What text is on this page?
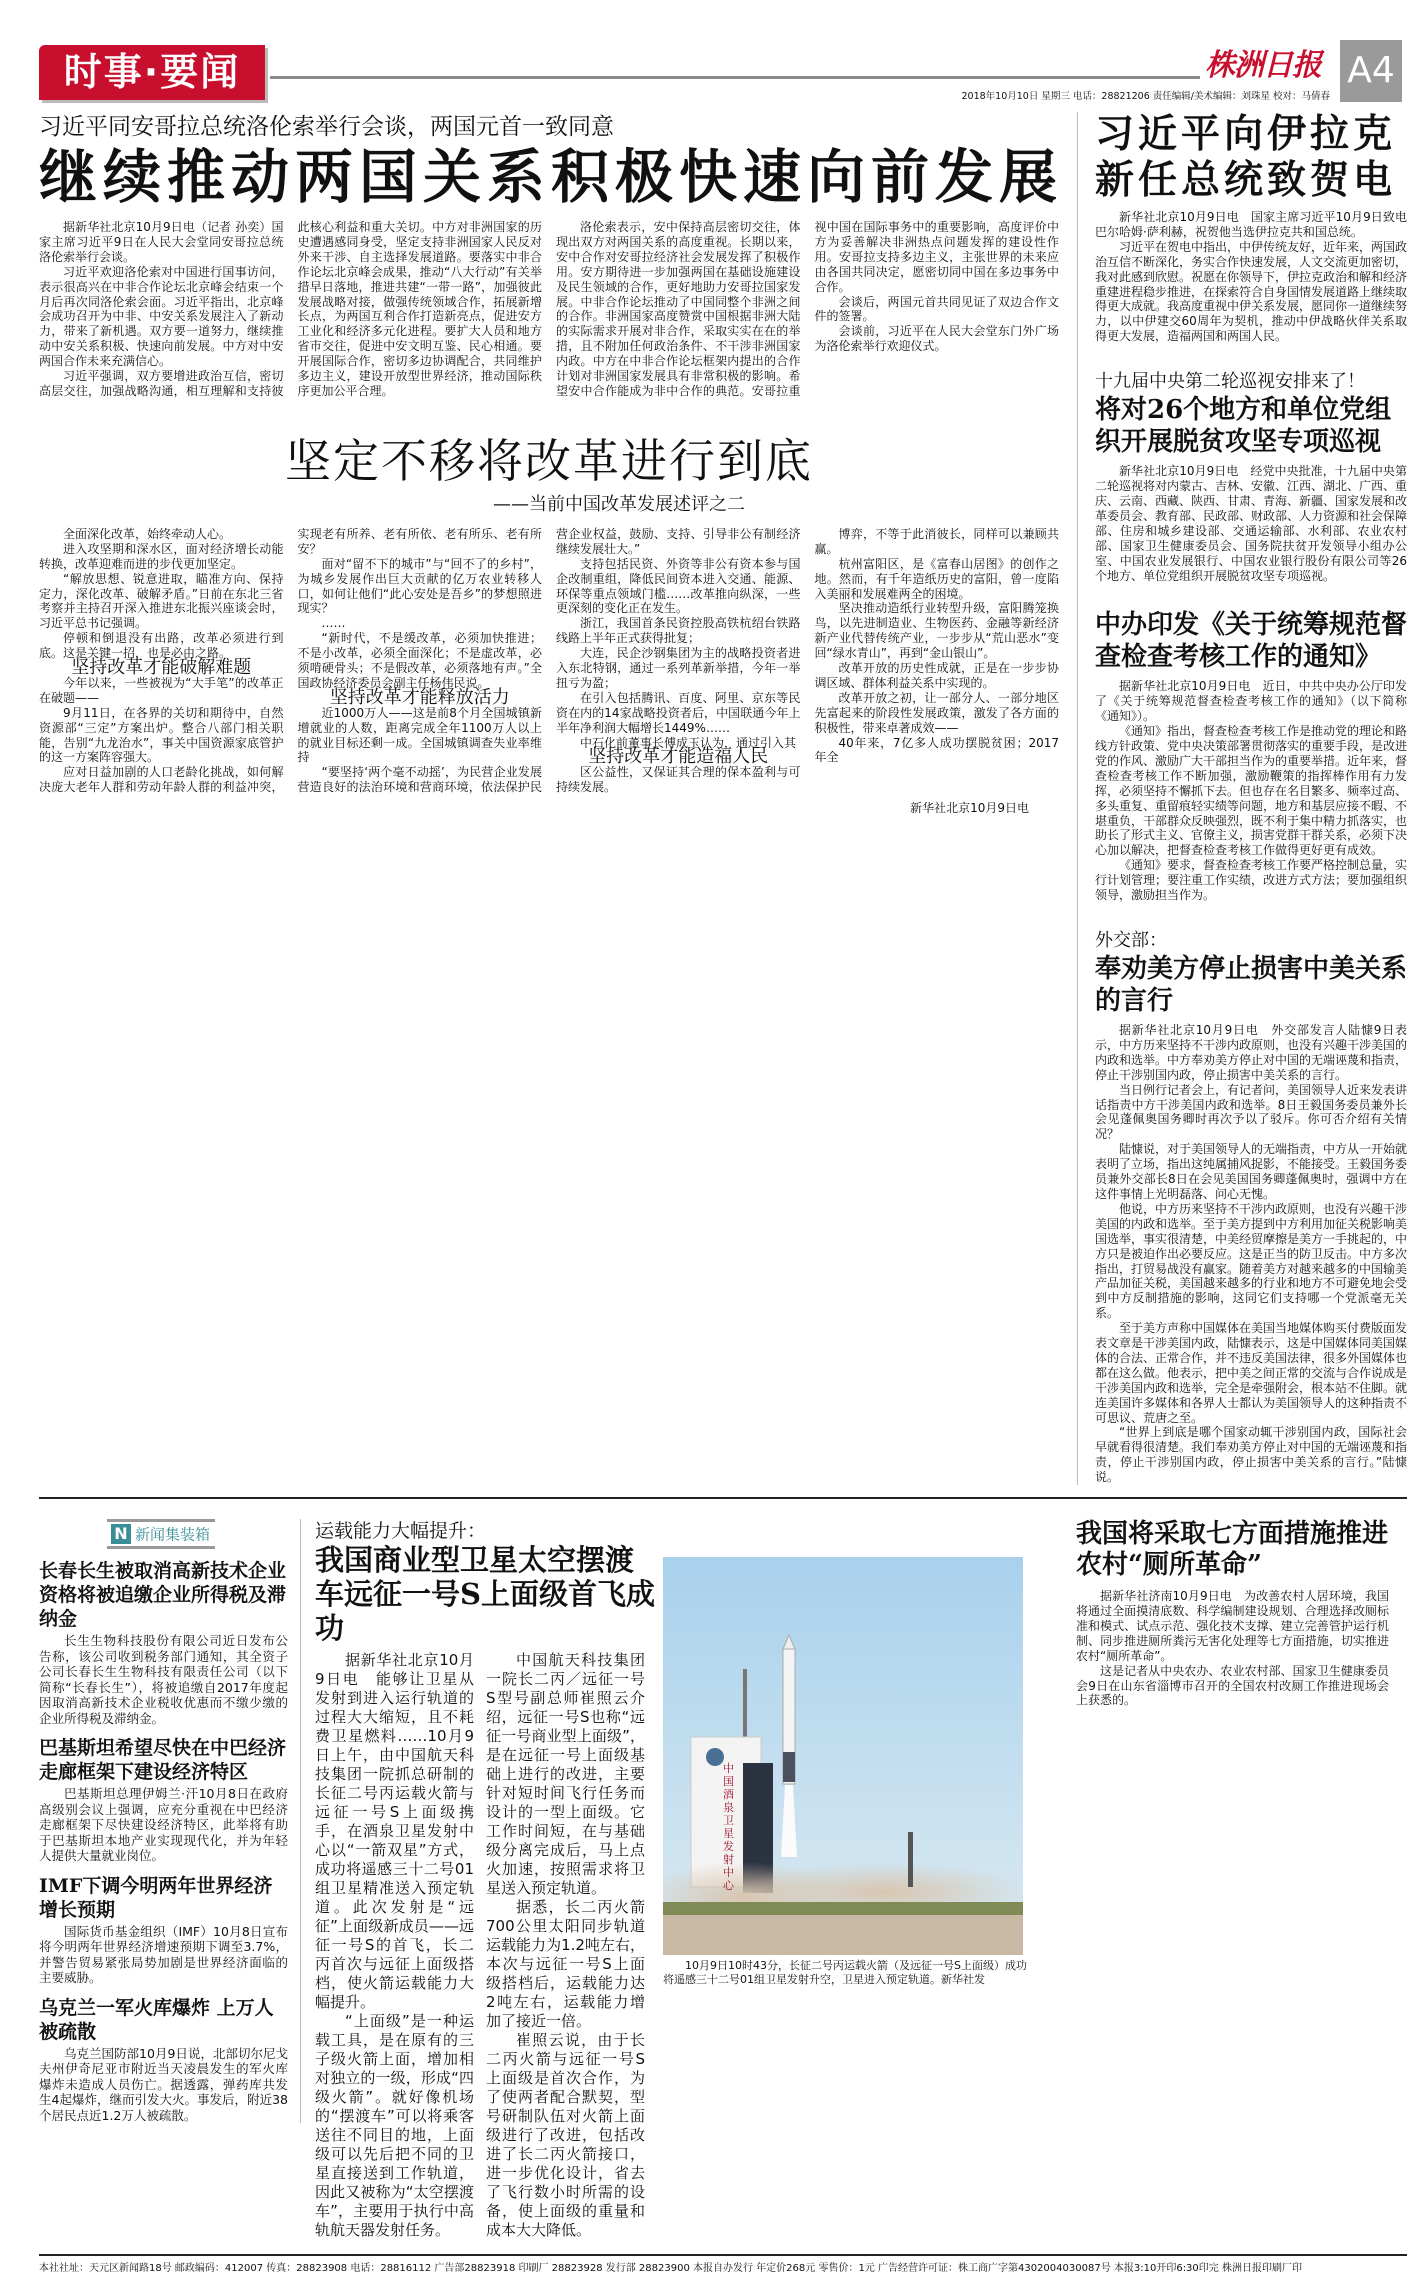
时事·要闻	株洲日报 A4
2018年10月10日 星期三 电话：28821206 责任编辑/美术编辑：刘珠星 校对：马倩春
习近平同安哥拉总统洛伦索举行会谈，两国元首一致同意
继续推动两国关系积极快速向前发展

据新华社北京10月9日电（记者 孙奕）国家主席习近平9日在人民大会堂同安哥拉总统洛伦索举行会谈。

习近平欢迎洛伦索对中国进行国事访问，表示很高兴在中非合作论坛北京峰会结束一个月后再次同洛伦索会面。习近平指出，北京峰会成功召开为中非、中安关系发展注入了新动力，带来了新机遇。双方要一道努力，继续推动中安关系积极、快速向前发展。中方对中安两国合作未来充满信心。

习近平强调，双方要增进政治互信，密切高层交往，加强战略沟通，相互理解和支持彼此核心利益和重大关切。中方对非洲国家的历史遭遇感同身受，坚定支持非洲国家人民反对外来干涉、自主选择发展道路。要落实中非合作论坛北京峰会成果，推动“八大行动”有关举措早日落地，推进共建“一带一路”，加强彼此发展战略对接，做强传统领域合作，拓展新增长点，为两国互利合作打造新亮点，促进安方工业化和经济多元化进程。要扩大人员和地方省市交往，促进中安文明互鉴、民心相通。要开展国际合作，密切多边协调配合，共同维护多边主义，建设开放型世界经济，推动国际秩序更加公平合理。

洛伦索表示，安中保持高层密切交往，体现出双方对两国关系的高度重视。长期以来，安中合作对安哥拉经济社会发展发挥了积极作用。安方期待进一步加强两国在基础设施建设及民生领域的合作，更好地助力安哥拉国家发展。中非合作论坛推动了中国同整个非洲之间的合作。非洲国家高度赞赏中国根据非洲大陆的实际需求开展对非合作，采取实实在在的举措，且不附加任何政治条件、不干涉非洲国家内政。中方在中非合作论坛框架内提出的合作计划对非洲国家发展具有非常积极的影响。希望安中合作能成为非中合作的典范。安哥拉重视中国在国际事务中的重要影响，高度评价中方为妥善解决非洲热点问题发挥的建设性作用。安哥拉支持多边主义，主张世界的未来应由各国共同决定，愿密切同中国在多边事务中合作。

会谈后，两国元首共同见证了双边合作文件的签署。

会谈前，习近平在人民大会堂东门外广场为洛伦索举行欢迎仪式。

坚定不移将改革进行到底
——当前中国改革发展述评之二

全面深化改革，始终牵动人心。

进入攻坚期和深水区，面对经济增长动能转换，改革迎难而进的步伐更加坚定。

“解放思想、锐意进取，瞄准方向、保持定力，深化改革、破解矛盾。”日前在东北三省考察并主持召开深入推进东北振兴座谈会时，习近平总书记强调。

停顿和倒退没有出路，改革必须进行到底。这是关键一招，也是必由之路。

坚持改革才能破解难题

今年以来，一些被视为“大手笔”的改革正在破题——

9月11日，在各界的关切和期待中，自然资源部“三定”方案出炉。整合八部门相关职能，告别“九龙治水”，事关中国资源家底管护的这一方案阵容强大。

应对日益加剧的人口老龄化挑战，如何解决庞大老年人群和劳动年龄人群的利益冲突，实现老有所养、老有所依、老有所乐、老有所安？

面对“留不下的城市”与“回不了的乡村”，为城乡发展作出巨大贡献的亿万农业转移人口，如何让他们“此心安处是吾乡”的梦想照进现实？

……

“新时代，不是缓改革，必须加快推进；不是小改革，必须全面深化；不是虚改革，必须啃硬骨头；不是假改革，必须落地有声。”全国政协经济委员会副主任杨伟民说。

坚持改革才能释放活力

近1000万人——这是前8个月全国城镇新增就业的人数，距离完成全年1100万人以上的就业目标还剩一成。全国城镇调查失业率维持

“要坚持‘两个毫不动摇’，为民营企业发展营造良好的法治环境和营商环境，依法保护民营企业权益，鼓励、支持、引导非公有制经济继续发展壮大。”

支持包括民资、外资等非公有资本参与国企改制重组，降低民间资本进入交通、能源、环保等重点领域门槛……改革推向纵深，一些更深刻的变化正在发生。

浙江，我国首条民资控股高铁杭绍台铁路线路上半年正式获得批复；

大连，民企沙钢集团为主的战略投资者进入东北特钢，通过一系列革新举措，今年一举扭亏为盈；

在引入包括腾讯、百度、阿里、京东等民资在内的14家战略投资者后，中国联通今年上半年净利润大幅增长1449%……

中石化前董事长傅成玉认为，通过引入其

坚持改革才能造福人民

区公益性，又保证其合理的保本盈利与可持续发展。

博弈，不等于此消彼长，同样可以兼顾共赢。

杭州富阳区，是《富春山居图》的创作之地。然而，有千年造纸历史的富阳，曾一度陷入美丽和发展难两全的困境。

坚决推动造纸行业转型升级，富阳腾笼换鸟，以先进制造业、生物医药、金融等新经济新产业代替传统产业，一步步从“荒山恶水”变回“绿水青山”，再到“金山银山”。

改革开放的历史性成就，正是在一步步协调区域、群体利益关系中实现的。

改革开放之初，让一部分人、一部分地区先富起来的阶段性发展政策，激发了各方面的积极性，带来卓著成效——

40年来，7亿多人成功摆脱贫困；2017年全

新华社北京10月9日电
习近平向伊拉克新任总统致贺电

新华社北京10月9日电　国家主席习近平10月9日致电巴尔哈姆·萨利赫，祝贺他当选伊拉克共和国总统。

习近平在贺电中指出，中伊传统友好，近年来，两国政治互信不断深化，务实合作快速发展，人文交流更加密切，我对此感到欣慰。祝愿在你领导下，伊拉克政治和解和经济重建进程稳步推进，在探索符合自身国情发展道路上继续取得更大成就。我高度重视中伊关系发展，愿同你一道继续努力，以中伊建交60周年为契机，推动中伊战略伙伴关系取得更大发展，造福两国和两国人民。

十九届中央第二轮巡视安排来了！
将对26个地方和单位党组织开展脱贫攻坚专项巡视

新华社北京10月9日电　经党中央批准，十九届中央第二轮巡视将对内蒙古、吉林、安徽、江西、湖北、广西、重庆、云南、西藏、陕西、甘肃、青海、新疆、国家发展和改革委员会、教育部、民政部、财政部、人力资源和社会保障部、住房和城乡建设部、交通运输部、水利部、农业农村部、国家卫生健康委员会、国务院扶贫开发领导小组办公室、中国农业发展银行、中国农业银行股份有限公司等26个地方、单位党组织开展脱贫攻坚专项巡视。

中办印发《关于统筹规范督查检查考核工作的通知》

据新华社北京10月9日电　近日，中共中央办公厅印发了《关于统筹规范督查检查考核工作的通知》（以下简称《通知》）。

《通知》指出，督查检查考核工作是推动党的理论和路线方针政策、党中央决策部署贯彻落实的重要手段，是改进党的作风、激励广大干部担当作为的重要举措。近年来，督查检查考核工作不断加强，激励鞭策的指挥棒作用有力发挥，必须坚持不懈抓下去。但也存在名目繁多、频率过高、多头重复、重留痕轻实绩等问题，地方和基层应接不暇、不堪重负，干部群众反映强烈，既不利于集中精力抓落实，也助长了形式主义、官僚主义，损害党群干群关系，必须下决心加以解决，把督查检查考核工作做得更好更有成效。

《通知》要求，督查检查考核工作要严格控制总量，实行计划管理；要注重工作实绩，改进方式方法；要加强组织领导，激励担当作为。

外交部：
奉劝美方停止损害中美关系的言行

据新华社北京10月9日电　外交部发言人陆慷9日表示，中方历来坚持不干涉内政原则，也没有兴趣干涉美国的内政和选举。中方奉劝美方停止对中国的无端诬蔑和指责，停止干涉别国内政，停止损害中美关系的言行。

当日例行记者会上，有记者问，美国领导人近来发表讲话指责中方干涉美国内政和选举。8日王毅国务委员兼外长会见蓬佩奥国务卿时再次予以了驳斥。你可否介绍有关情况？

陆慷说，对于美国领导人的无端指责，中方从一开始就表明了立场，指出这纯属捕风捉影，不能接受。王毅国务委员兼外交部长8日在会见美国国务卿蓬佩奥时，强调中方在这件事情上光明磊落、问心无愧。

他说，中方历来坚持不干涉内政原则，也没有兴趣干涉美国的内政和选举。至于美方提到中方利用加征关税影响美国选举，事实很清楚，中美经贸摩擦是美方一手挑起的，中方只是被迫作出必要反应。这是正当的防卫反击。中方多次指出，打贸易战没有赢家。随着美方对越来越多的中国输美产品加征关税，美国越来越多的行业和地方不可避免地会受到中方反制措施的影响，这同它们支持哪一个党派毫无关系。

至于美方声称中国媒体在美国当地媒体购买付费版面发表文章是干涉美国内政，陆慷表示，这是中国媒体同美国媒体的合法、正常合作，并不违反美国法律，很多外国媒体也都在这么做。他表示，把中美之间正常的交流与合作说成是干涉美国内政和选举，完全是牵强附会，根本站不住脚。就连美国许多媒体和各界人士都认为美国领导人的这种指责不可思议、荒唐之至。

“世界上到底是哪个国家动辄干涉别国内政，国际社会早就看得很清楚。我们奉劝美方停止对中国的无端诬蔑和指责，停止干涉别国内政，停止损害中美关系的言行。”陆慷说。

N 新闻集装箱
长春长生被取消高新技术企业资格将被追缴企业所得税及滞纳金

长生生物科技股份有限公司近日发布公告称，该公司收到税务部门通知，其全资子公司长春长生生物科技有限责任公司（以下简称“长春长生”），将被追缴自2017年度起因取消高新技术企业税收优惠而不缴少缴的企业所得税及滞纳金。

巴基斯坦希望尽快在中巴经济走廊框架下建设经济特区

巴基斯坦总理伊姆兰·汗10月8日在政府高级别会议上强调，应充分重视在中巴经济走廊框架下尽快建设经济特区，此举将有助于巴基斯坦本地产业实现现代化，并为年轻人提供大量就业岗位。

IMF下调今明两年世界经济增长预期

国际货币基金组织（IMF）10月8日宣布将今明两年世界经济增速预期下调至3.7%，并警告贸易紧张局势加剧是世界经济面临的主要威胁。

乌克兰一军火库爆炸 上万人被疏散

乌克兰国防部10月9日说，北部切尔尼戈夫州伊奇尼亚市附近当天凌晨发生的军火库爆炸未造成人员伤亡。据透露，弹药库共发生4起爆炸，继而引发大火。事发后，附近38个居民点近1.2万人被疏散。

运载能力大幅提升：
我国商业型卫星太空摆渡车远征一号S上面级首飞成功

据新华社北京10月9日电　能够让卫星从发射到进入运行轨道的过程大大缩短，且不耗费卫星燃料……10月9日上午，由中国航天科技集团一院抓总研制的长征二号丙运载火箭与远征一号S上面级携手，在酒泉卫星发射中心以“一箭双星”方式，成功将遥感三十二号01组卫星精准送入预定轨道。此次发射是“远征”上面级新成员——远征一号S的首飞，长二丙首次与远征上面级搭档，使火箭运载能力大幅提升。

“上面级”是一种运载工具，是在原有的三子级火箭上面，增加相对独立的一级，形成“四级火箭”。就好像机场的“摆渡车”可以将乘客送往不同目的地，上面级可以先后把不同的卫星直接送到工作轨道，因此又被称为“太空摆渡车”，主要用于执行中高轨航天器发射任务。

中国航天科技集团一院长二丙／远征一号S型号副总师崔照云介绍，远征一号S也称“远征一号商业型上面级”，是在远征一号上面级基础上进行的改进，主要针对短时间飞行任务而设计的一型上面级。它工作时间短，在与基础级分离完成后，马上点火加速，按照需求将卫星送入预定轨道。

据悉，长二丙火箭700公里太阳同步轨道运载能力为1.2吨左右，本次与远征一号S上面级搭档后，运载能力达2吨左右，运载能力增加了接近一倍。

崔照云说，由于长二丙火箭与远征一号S上面级是首次合作，为了使两者配合默契，型号研制队伍对火箭上面级进行了改进，包括改进了长二丙火箭接口，进一步优化设计，省去了飞行数小时所需的设备，使上面级的重量和成本大大降低。

中国酒泉卫星发射中心
10月9日10时43分，长征二号丙运载火箭（及远征一号S上面级）成功将遥感三十二号01组卫星发射升空，卫星进入预定轨道。新华社发
我国将采取七方面措施推进农村“厕所革命”

据新华社济南10月9日电　为改善农村人居环境，我国将通过全面摸清底数、科学编制建设规划、合理选择改厕标准和模式、试点示范、强化技术支撑、建立完善管护运行机制、同步推进厕所粪污无害化处理等七方面措施，切实推进农村“厕所革命”。

这是记者从中央农办、农业农村部、国家卫生健康委员会9日在山东省淄博市召开的全国农村改厕工作推进现场会上获悉的。

本社社址：天元区新闻路18号 邮政编码：412007 传真：28823908 电话：28816112 广告部28823918 印刷厂 28823928 发行部 28823900 本报自办发行 年定价268元 零售价：1元 广告经营许可证：株工商广字第4302004030087号 本报3:10开印6:30印完 株洲日报印刷厂印
